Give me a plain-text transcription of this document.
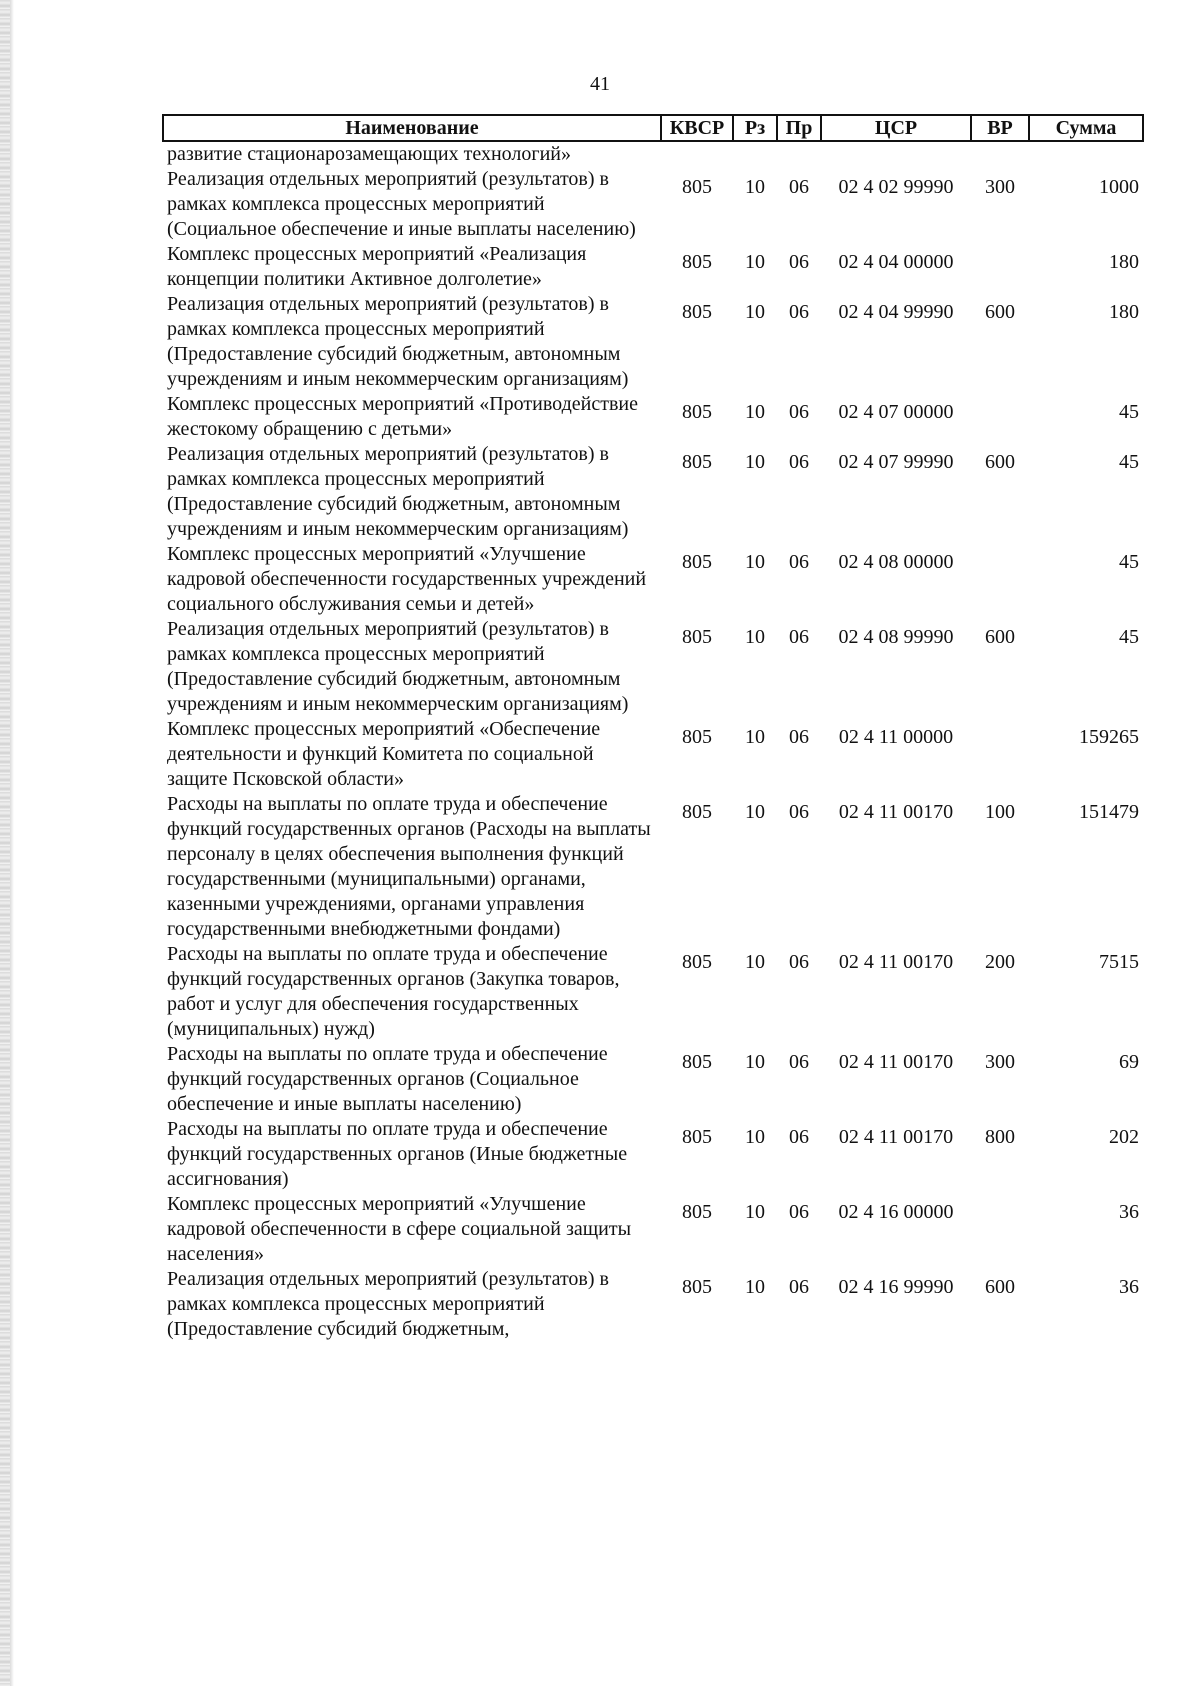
41
Наименование	КВСР	Рз	Пр	ЦСР	ВР	Сумма
развитие стационарозамещающих технологий»						
Реализация отдельных мероприятий (результатов) в рамках комплекса процессных мероприятий (Социальное обеспечение и иные выплаты населению)	805	10	06	02 4 02 99990	300	1000
Комплекс процессных мероприятий «Реализация концепции политики Активное долголетие»	805	10	06	02 4 04 00000		180
Реализация отдельных мероприятий (результатов) в рамках комплекса процессных мероприятий (Предоставление субсидий бюджетным, автономным учреждениям и иным некоммерческим организациям)	805	10	06	02 4 04 99990	600	180
Комплекс процессных мероприятий «Противодействие жестокому обращению с детьми»	805	10	06	02 4 07 00000		45
Реализация отдельных мероприятий (результатов) в рамках комплекса процессных мероприятий (Предоставление субсидий бюджетным, автономным учреждениям и иным некоммерческим организациям)	805	10	06	02 4 07 99990	600	45
Комплекс процессных мероприятий «Улучшение кадровой обеспеченности государственных учреждений социального обслуживания семьи и детей»	805	10	06	02 4 08 00000		45
Реализация отдельных мероприятий (результатов) в рамках комплекса процессных мероприятий (Предоставление субсидий бюджетным, автономным учреждениям и иным некоммерческим организациям)	805	10	06	02 4 08 99990	600	45
Комплекс процессных мероприятий «Обеспечение деятельности и функций Комитета по социальной защите Псковской области»	805	10	06	02 4 11 00000		159265
Расходы на выплаты по оплате труда и обеспечение функций государственных органов (Расходы на выплаты персоналу в целях обеспечения выполнения функций государственными (муниципальными) органами, казенными учреждениями, органами управления государственными внебюджетными фондами)	805	10	06	02 4 11 00170	100	151479
Расходы на выплаты по оплате труда и обеспечение функций государственных органов (Закупка товаров, работ и услуг для обеспечения государственных (муниципальных) нужд)	805	10	06	02 4 11 00170	200	7515
Расходы на выплаты по оплате труда и обеспечение функций государственных органов (Социальное обеспечение и иные выплаты населению)	805	10	06	02 4 11 00170	300	69
Расходы на выплаты по оплате труда и обеспечение функций государственных органов (Иные бюджетные ассигнования)	805	10	06	02 4 11 00170	800	202
Комплекс процессных мероприятий «Улучшение кадровой обеспеченности в сфере социальной защиты населения»	805	10	06	02 4 16 00000		36
Реализация отдельных мероприятий (результатов) в рамках комплекса процессных мероприятий (Предоставление субсидий бюджетным,	805	10	06	02 4 16 99990	600	36
